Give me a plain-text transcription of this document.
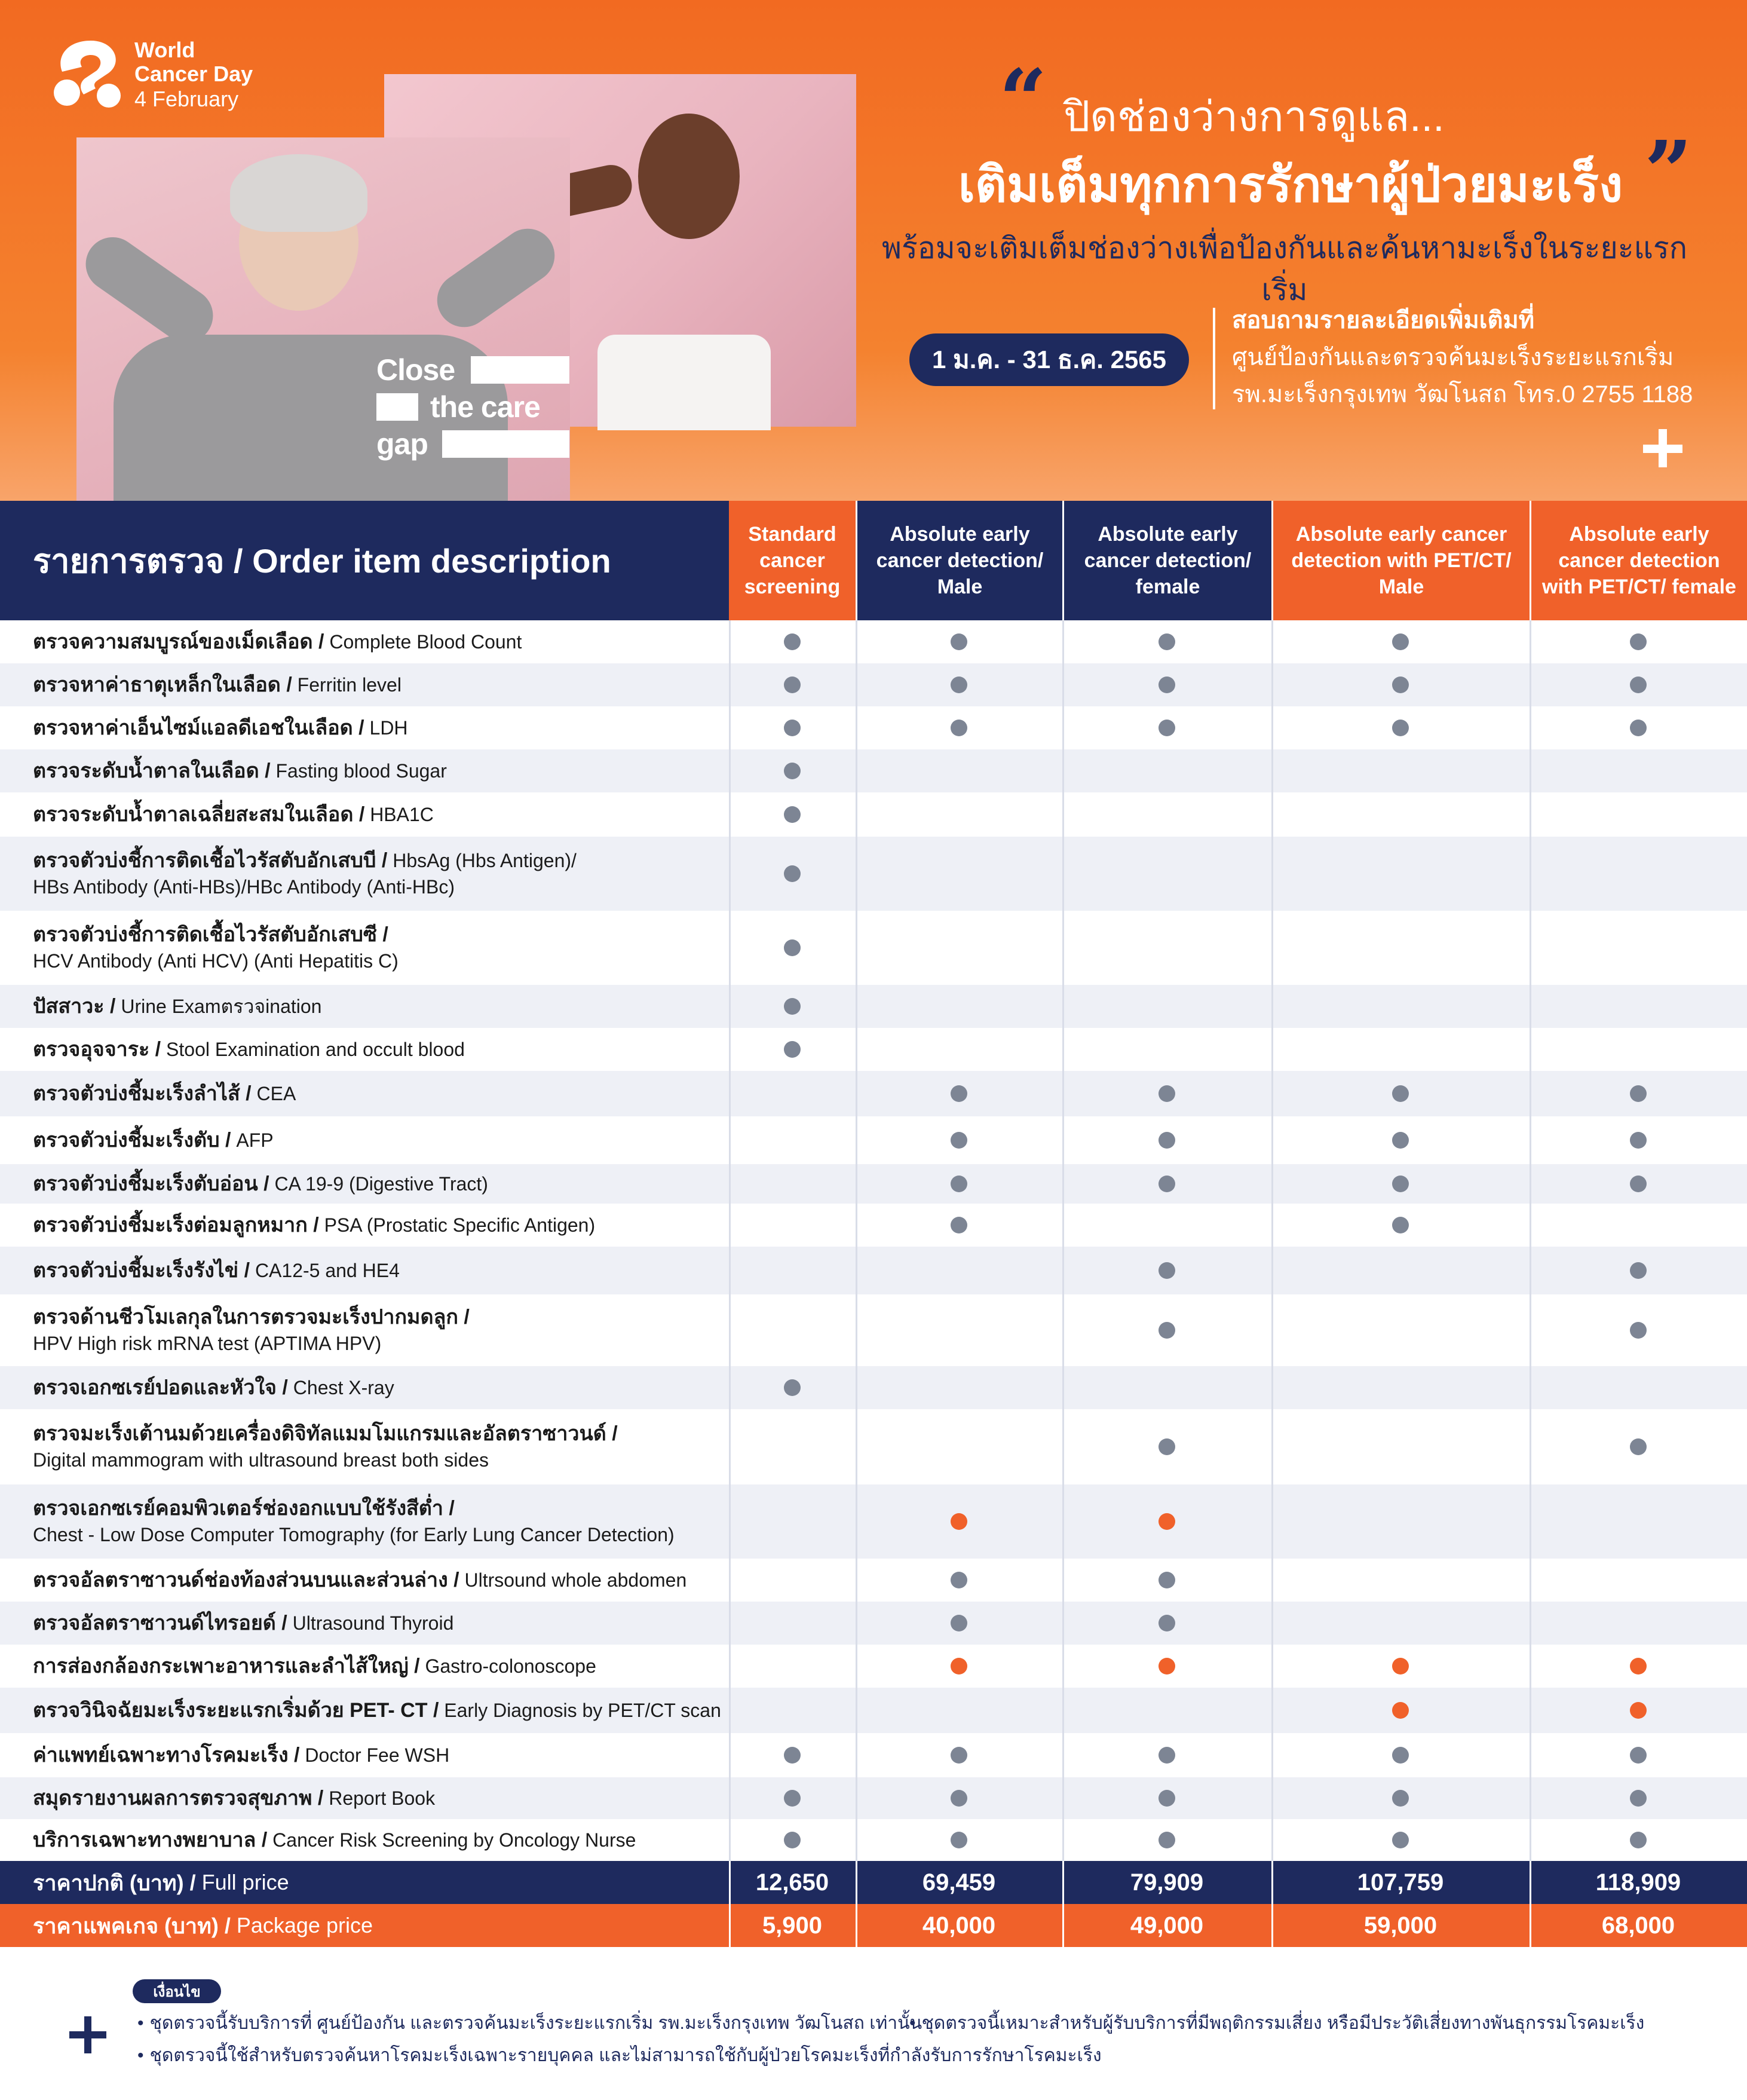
World
Cancer Day
4 February
Close
the care
gap
“ ปิดช่องว่างการดูแล...
เติมเต็มทุกการรักษาผู้ป่วยมะเร็ง ”
พร้อมจะเติมเต็มช่องว่างเพื่อป้องกันและค้นหามะเร็งในระยะแรกเริ่ม
1 ม.ค. - 31 ธ.ค. 2565
สอบถามรายละเอียดเพิ่มเติมที่
ศูนย์ป้องกันและตรวจค้นมะเร็งระยะแรกเริ่ม
รพ.มะเร็งกรุงเทพ วัฒโนสถ โทร.0 2755 1188
รายการตรวจ / Order item description
Standard cancer screening
Absolute early cancer detection/ Male
Absolute early cancer detection/ female
Absolute early cancer detection with PET/CT/ Male
Absolute early cancer detection with PET/CT/ female
ตรวจความสมบูรณ์ของเม็ดเลือด / Complete Blood Count
ตรวจหาค่าธาตุเหล็กในเลือด / Ferritin level
ตรวจหาค่าเอ็นไซม์แอลดีเอชในเลือด / LDH
ตรวจระดับน้ำตาลในเลือด / Fasting blood Sugar
ตรวจระดับน้ำตาลเฉลี่ยสะสมในเลือด / HBA1C
ตรวจตัวบ่งชี้การติดเชื้อไวรัสตับอักเสบบี / HbsAg (Hbs Antigen)/
HBs Antibody (Anti-HBs)/HBc Antibody (Anti-HBc)
ตรวจตัวบ่งชี้การติดเชื้อไวรัสตับอักเสบซี /
HCV Antibody (Anti HCV) (Anti Hepatitis C)
ปัสสาวะ / Urine Examตรวจination
ตรวจอุจจาระ / Stool Examination and occult blood
ตรวจตัวบ่งชี้มะเร็งลำไส้ / CEA
ตรวจตัวบ่งชี้มะเร็งตับ / AFP
ตรวจตัวบ่งชี้มะเร็งตับอ่อน / CA 19-9 (Digestive Tract)
ตรวจตัวบ่งชี้มะเร็งต่อมลูกหมาก / PSA (Prostatic Specific Antigen)
ตรวจตัวบ่งชี้มะเร็งรังไข่ / CA12-5 and HE4
ตรวจด้านชีวโมเลกุลในการตรวจมะเร็งปากมดลูก /
HPV High risk mRNA test (APTIMA HPV)
ตรวจเอกซเรย์ปอดและหัวใจ / Chest X-ray
ตรวจมะเร็งเต้านมด้วยเครื่องดิจิทัลแมมโมแกรมและอัลตราซาวนด์ /
Digital mammogram with ultrasound breast both sides
ตรวจเอกซเรย์คอมพิวเตอร์ช่องอกแบบใช้รังสีต่ำ /
Chest - Low Dose Computer Tomography (for Early Lung Cancer Detection)
ตรวจอัลตราซาวนด์ช่องท้องส่วนบนและส่วนล่าง / Ultrsound whole abdomen
ตรวจอัลตราซาวนด์ไทรอยด์ / Ultrasound Thyroid
การส่องกล้องกระเพาะอาหารและลำไส้ใหญ่ / Gastro-colonoscope
ตรวจวินิจฉัยมะเร็งระยะแรกเริ่มด้วย PET- CT / Early Diagnosis by PET/CT scan
ค่าแพทย์เฉพาะทางโรคมะเร็ง / Doctor Fee WSH
สมุดรายงานผลการตรวจสุขภาพ / Report Book
บริการเฉพาะทางพยาบาล / Cancer Risk Screening by Oncology Nurse
ราคาปกติ (บาท) / Full price	12,650	69,459	79,909	107,759	118,909
ราคาแพคเกจ (บาท) / Package price	5,900	40,000	49,000	59,000	68,000
เงื่อนไข
• ชุดตรวจนี้รับบริการที่ ศูนย์ป้องกัน และตรวจค้นมะเร็งระยะแรกเริ่ม รพ.มะเร็งกรุงเทพ วัฒโนสถ เท่านั้น
• ชุดตรวจนี้เหมาะสำหรับผู้รับบริการที่มีพฤติกรรมเสี่ยง หรือมีประวัติเสี่ยงทางพันธุกรรมโรคมะเร็ง
• ชุดตรวจนี้ใช้สำหรับตรวจค้นหาโรคมะเร็งเฉพาะรายบุคคล และไม่สามารถใช้กับผู้ป่วยโรคมะเร็งที่กำลังรับการรักษาโรคมะเร็ง
